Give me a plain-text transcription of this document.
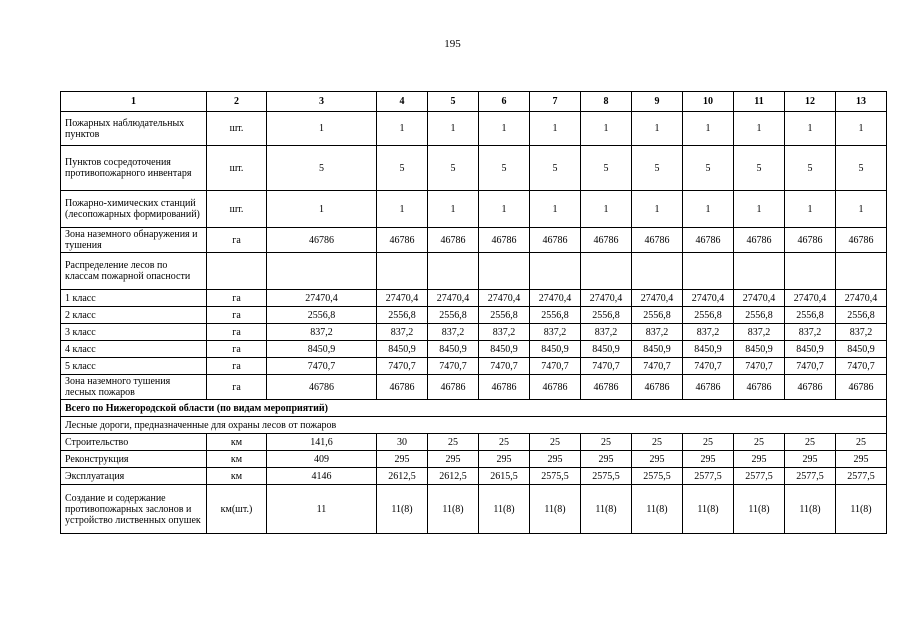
195
1	2	3	4	5	6	7	8	9	10	11	12	13
Пожарных наблюдательных пунктов	шт.	1	1	1	1	1	1	1	1	1	1	1
Пунктов сосредоточения противопожарного инвентаря	шт.	5	5	5	5	5	5	5	5	5	5	5
Пожарно-химических станций (лесопожарных формирований)	шт.	1	1	1	1	1	1	1	1	1	1	1
Зона наземного обнаружения и тушения	га	46786	46786	46786	46786	46786	46786	46786	46786	46786	46786	46786
Распределение лесов по классам пожарной опасности												
1 класс	га	27470,4	27470,4	27470,4	27470,4	27470,4	27470,4	27470,4	27470,4	27470,4	27470,4	27470,4
2 класс	га	2556,8	2556,8	2556,8	2556,8	2556,8	2556,8	2556,8	2556,8	2556,8	2556,8	2556,8
3 класс	га	837,2	837,2	837,2	837,2	837,2	837,2	837,2	837,2	837,2	837,2	837,2
4 класс	га	8450,9	8450,9	8450,9	8450,9	8450,9	8450,9	8450,9	8450,9	8450,9	8450,9	8450,9
5 класс	га	7470,7	7470,7	7470,7	7470,7	7470,7	7470,7	7470,7	7470,7	7470,7	7470,7	7470,7
Зона наземного тушения лесных пожаров	га	46786	46786	46786	46786	46786	46786	46786	46786	46786	46786	46786
Всего по Нижегородской области (по видам мероприятий)												
Лесные дороги, предназначенные для охраны лесов от пожаров												
Строительство	км	141,6	30	25	25	25	25	25	25	25	25	25
Реконструкция	км	409	295	295	295	295	295	295	295	295	295	295
Эксплуатация	км	4146	2612,5	2612,5	2615,5	2575,5	2575,5	2575,5	2577,5	2577,5	2577,5	2577,5
Создание и содержание противопожарных заслонов и устройство лиственных опушек	км(шт.)	11	11(8)	11(8)	11(8)	11(8)	11(8)	11(8)	11(8)	11(8)	11(8)	11(8)
